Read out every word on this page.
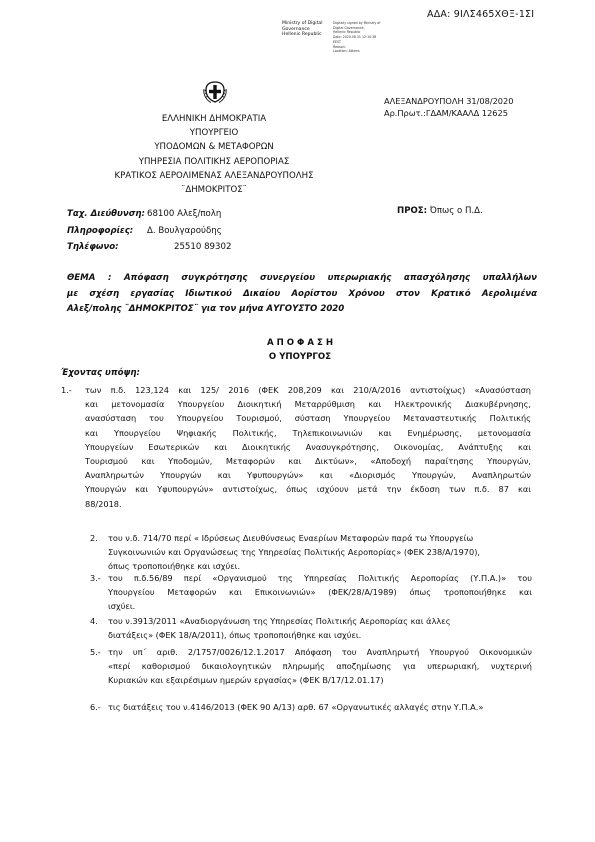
ΑΔΑ: 9ΙΛΣ465ΧΘΞ-1ΣΙ
Ministry of Digital
Governance
Hellenic Republic
Digitally signed by Ministry of
Digital Governance,
Hellenic Republic
Date: 2020.08.31 12:10:38
EEST
Reason:
Location: Athens
ΑΛΕΞΑΝΔΡΟΥΠΟΛΗ 31/08/2020
Αρ.Πρωτ.:ΓΔΑΜ/ΚΑΑΛΔ 12625
ΕΛΛΗΝΙΚΗ ΔΗΜΟΚΡΑΤΙΑ
ΥΠΟΥΡΓΕΙΟ
ΥΠΟΔΟΜΩΝ & ΜΕΤΑΦΟΡΩΝ
ΥΠΗΡΕΣΙΑ ΠΟΛΙΤΙΚΗΣ ΑΕΡΟΠΟΡΙΑΣ
ΚΡΑΤΙΚΟΣ ΑΕΡΟΛΙΜΕΝΑΣ ΑΛΕΞΑΝΔΡΟΥΠΟΛΗΣ
¨ΔΗΜΟΚΡΙΤΟΣ¨
Ταχ. Διεύθυνση: 68100 Αλεξ/πολη
Πληροφορίες: Δ. Βουλγαρούδης
Τηλέφωνο:	25510 89302
ΠΡΟΣ: Όπως ο Π.Δ.
ΘΕΜΑ : Απόφαση συγκρότησης συνεργείου υπερωριακής απασχόλησης υπαλλήλων
με σχέση εργασίας Ιδιωτικού Δικαίου Αορίστου Χρόνου στον Κρατικό Αερολιμένα
Αλεξ/πολης ¨ΔΗΜΟΚΡΙΤΟΣ¨ για τον μήνα ΑΥΓΟΥΣΤΟ 2020
Α Π Ο Φ Α Σ Η
Ο ΥΠΟΥΡΓΟΣ
Έχοντας υπόψη:
1.- των π.δ. 123,124 και 125/ 2016 (ΦΕΚ 208,209 και 210/Α/2016 αντιστοίχως) «Ανασύσταση
και μετονομασία Υπουργείου Διοικητική Μεταρρύθμιση και Ηλεκτρονικής Διακυβέρνησης,
ανασύσταση του Υπουργείου Τουρισμού, σύσταση Υπουργείου Μεταναστευτικής Πολιτικής
και Υπουργείου Ψηφιακής Πολιτικής, Τηλεπικοινωνιών και Ενημέρωσης, μετονομασία
Υπουργείων Εσωτερικών και Διοικητικής Ανασυγκρότησης, Οικονομίας, Ανάπτυξης και
Τουρισμού και Υποδομών, Μεταφορών και Δικτύων», «Αποδοχή παραίτησης Υπουργών,
Αναπληρωτών Υπουργών και Υφυπουργών» και «Διορισμός Υπουργών, Αναπληρωτών
Υπουργών και Υφυπουργών» αντιστοίχως, όπως ισχύουν μετά την έκδοση των π.δ. 87 και
88/2018.
2. του ν.δ. 714/70 περί « Ιδρύσεως Διευθύνσεως Εναερίων Μεταφορών παρά τω Υπουργείω
Συγκοινωνιών και Οργανώσεως της Υπηρεσίας Πολιτικής Αεροπορίας» (ΦΕΚ 238/Α/1970),
όπως τροποποιήθηκε και ισχύει.
3.- του π.δ.56/89 περί «Οργανισμού της Υπηρεσίας Πολιτικής Αεροπορίας (Υ.Π.Α.)» του
Υπουργείου Μεταφορών και Επικοινωνιών» (ΦΕΚ/28/Α/1989) όπως τροποποιήθηκε και
ισχύει.
4. του ν.3913/2011 «Αναδιοργάνωση της Υπηρεσίας Πολιτικής Αεροπορίας και άλλες
διατάξεις» (ΦΕΚ 18/Α/2011), όπως τροποποιήθηκε και ισχύει.
5.- την υπ΄ αριθ. 2/1757/0026/12.1.2017 Απόφαση του Αναπληρωτή Υπουργού Οικονομικών
«περί καθορισμού δικαιολογητικών πληρωμής αποζημίωσης για υπερωριακή, νυχτερινή
Κυριακών και εξαιρέσιμων ημερών εργασίας» (ΦΕΚ Β/17/12.01.17)
6.- τις διατάξεις του ν.4146/2013 (ΦΕΚ 90 Α/13) αρθ. 67 «Οργανωτικές αλλαγές στην Υ.Π.Α.»
